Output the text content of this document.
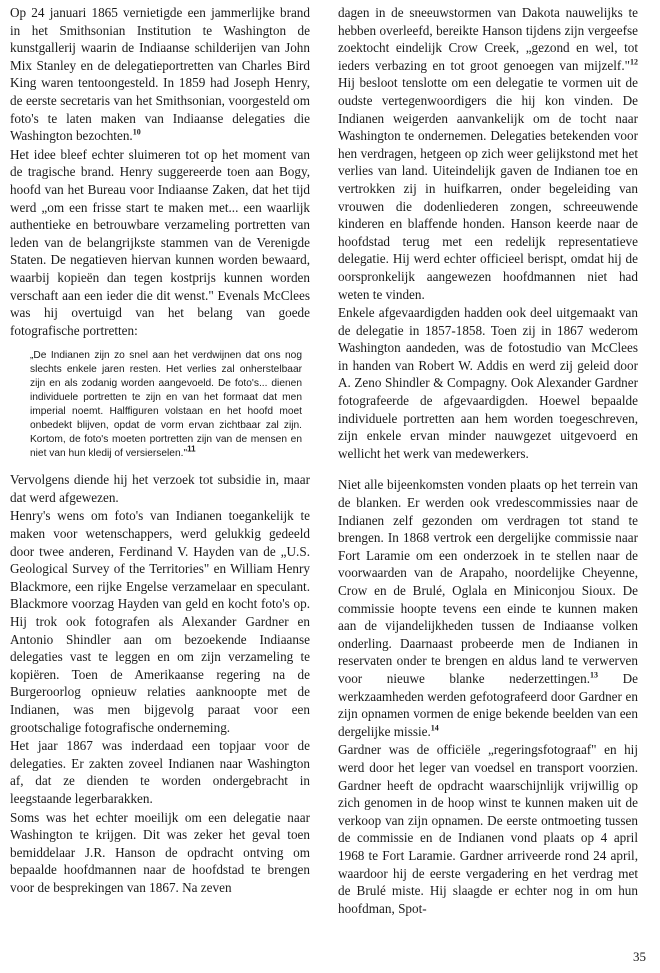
Op 24 januari 1865 vernietigde een jammerlijke brand in het Smithsonian Institution te Washington de kunstgallerij waarin de Indiaanse schilderijen van John Mix Stanley en de delegatieportretten van Charles Bird King waren tentoongesteld. In 1859 had Joseph Henry, de eerste secretaris van het Smithsonian, voorgesteld om foto's te laten maken van Indiaanse delegaties die Washington bezochten.$^{10}$

Het idee bleef echter sluimeren tot op het moment van de tragische brand. Henry suggereerde toen aan Bogy, hoofd van het Bureau voor Indiaanse Zaken, dat het tijd werd „om een frisse start te maken met... een waarlijk authentieke en betrouwbare verzameling portretten van leden van de belangrijkste stammen van de Verenigde Staten. De negatieven hiervan kunnen worden bewaard, waarbij kopieën dan tegen kostprijs kunnen worden verschaft aan een ieder die dit wenst." Evenals McClees was hij overtuigd van het belang van goede fotografische portretten:

„De Indianen zijn zo snel aan het verdwijnen dat ons nog slechts enkele jaren resten. Het verlies zal onherstelbaar zijn en als zodanig worden aangevoeld. De foto's... dienen individuele portretten te zijn en van het formaat dat men imperial noemt. Halffiguren volstaan en het hoofd moet onbedekt blijven, opdat de vorm ervan zichtbaar zal zijn. Kortom, de foto's moeten portretten zijn van de mensen en niet van hun kledij of versierselen."$^{11}$

Vervolgens diende hij het verzoek tot subsidie in, maar dat werd afgewezen.

Henry's wens om foto's van Indianen toegankelijk te maken voor wetenschappers, werd gelukkig gedeeld door twee anderen, Ferdinand V. Hayden van de „U.S. Geological Survey of the Territories" en William Henry Blackmore, een rijke Engelse verzamelaar en speculant. Blackmore voorzag Hayden van geld en kocht foto's op. Hij trok ook fotografen als Alexander Gardner en Antonio Shindler aan om bezoekende Indiaanse delegaties vast te leggen en om zijn verzameling te kopiëren. Toen de Amerikaanse regering na de Burgeroorlog opnieuw relaties aanknoopte met de Indianen, was men bijgevolg paraat voor een grootschalige fotografische onderneming.

Het jaar 1867 was inderdaad een topjaar voor de delegaties. Er zakten zoveel Indianen naar Washington af, dat ze dienden te worden ondergebracht in leegstaande legerbarakken.

Soms was het echter moeilijk om een delegatie naar Washington te krijgen. Dit was zeker het geval toen bemiddelaar J.R. Hanson de opdracht ontving om bepaalde hoofdmannen naar de hoofdstad te brengen voor de besprekingen van 1867. Na zeven

dagen in de sneeuwstormen van Dakota nauwelijks te hebben overleefd, bereikte Hanson tijdens zijn vergeefse zoektocht eindelijk Crow Creek, „gezond en wel, tot ieders verbazing en tot groot genoegen van mijzelf."$^{12}$ Hij besloot tenslotte om een delegatie te vormen uit de oudste vertegenwoordigers die hij kon vinden. De Indianen weigerden aanvankelijk om de tocht naar Washington te ondernemen. Delegaties betekenden voor hen verdragen, hetgeen op zich weer gelijkstond met het verlies van land. Uiteindelijk gaven de Indianen toe en vertrokken zij in huifkarren, onder begeleiding van vrouwen die dodenliederen zongen, schreeuwende kinderen en blaffende honden. Hanson keerde naar de hoofdstad terug met een redelijk representatieve delegatie. Hij werd echter officieel berispt, omdat hij de oorspronkelijk aangewezen hoofdmannen niet had weten te vinden.

Enkele afgevaardigden hadden ook deel uitgemaakt van de delegatie in 1857-1858. Toen zij in 1867 wederom Washington aandeden, was de fotostudio van McClees in handen van Robert W. Addis en werd zij geleid door A. Zeno Shindler & Compagny. Ook Alexander Gardner fotografeerde de afgevaardigden. Hoewel bepaalde individuele portretten aan hem worden toegeschreven, zijn enkele ervan minder nauwgezet uitgevoerd en wellicht het werk van medewerkers.

Niet alle bijeenkomsten vonden plaats op het terrein van de blanken. Er werden ook vredescommissies naar de Indianen zelf gezonden om verdragen tot stand te brengen. In 1868 vertrok een dergelijke commissie naar Fort Laramie om een onderzoek in te stellen naar de voorwaarden van de Arapaho, noordelijke Cheyenne, Crow en de Brulé, Oglala en Miniconjou Sioux. De commissie hoopte tevens een einde te kunnen maken aan de vijandelijkheden tussen de Indiaanse volken onderling. Daarnaast probeerde men de Indianen in reservaten onder te brengen en aldus land te verwerven voor nieuwe blanke nederzettingen.$^{13}$ De werkzaamheden werden gefotografeerd door Gardner en zijn opnamen vormen de enige bekende beelden van een dergelijke missie.$^{14}$

Gardner was de officiële „regeringsfotograaf" en hij werd door het leger van voedsel en transport voorzien. Gardner heeft de opdracht waarschijnlijk vrijwillig op zich genomen in de hoop winst te kunnen maken uit de verkoop van zijn opnamen. De eerste ontmoeting tussen de commissie en de Indianen vond plaats op 4 april 1968 te Fort Laramie. Gardner arriveerde rond 24 april, waardoor hij de eerste vergadering en het verdrag met de Brulé miste. Hij slaagde er echter nog in om hun hoofdman, Spot-

35
